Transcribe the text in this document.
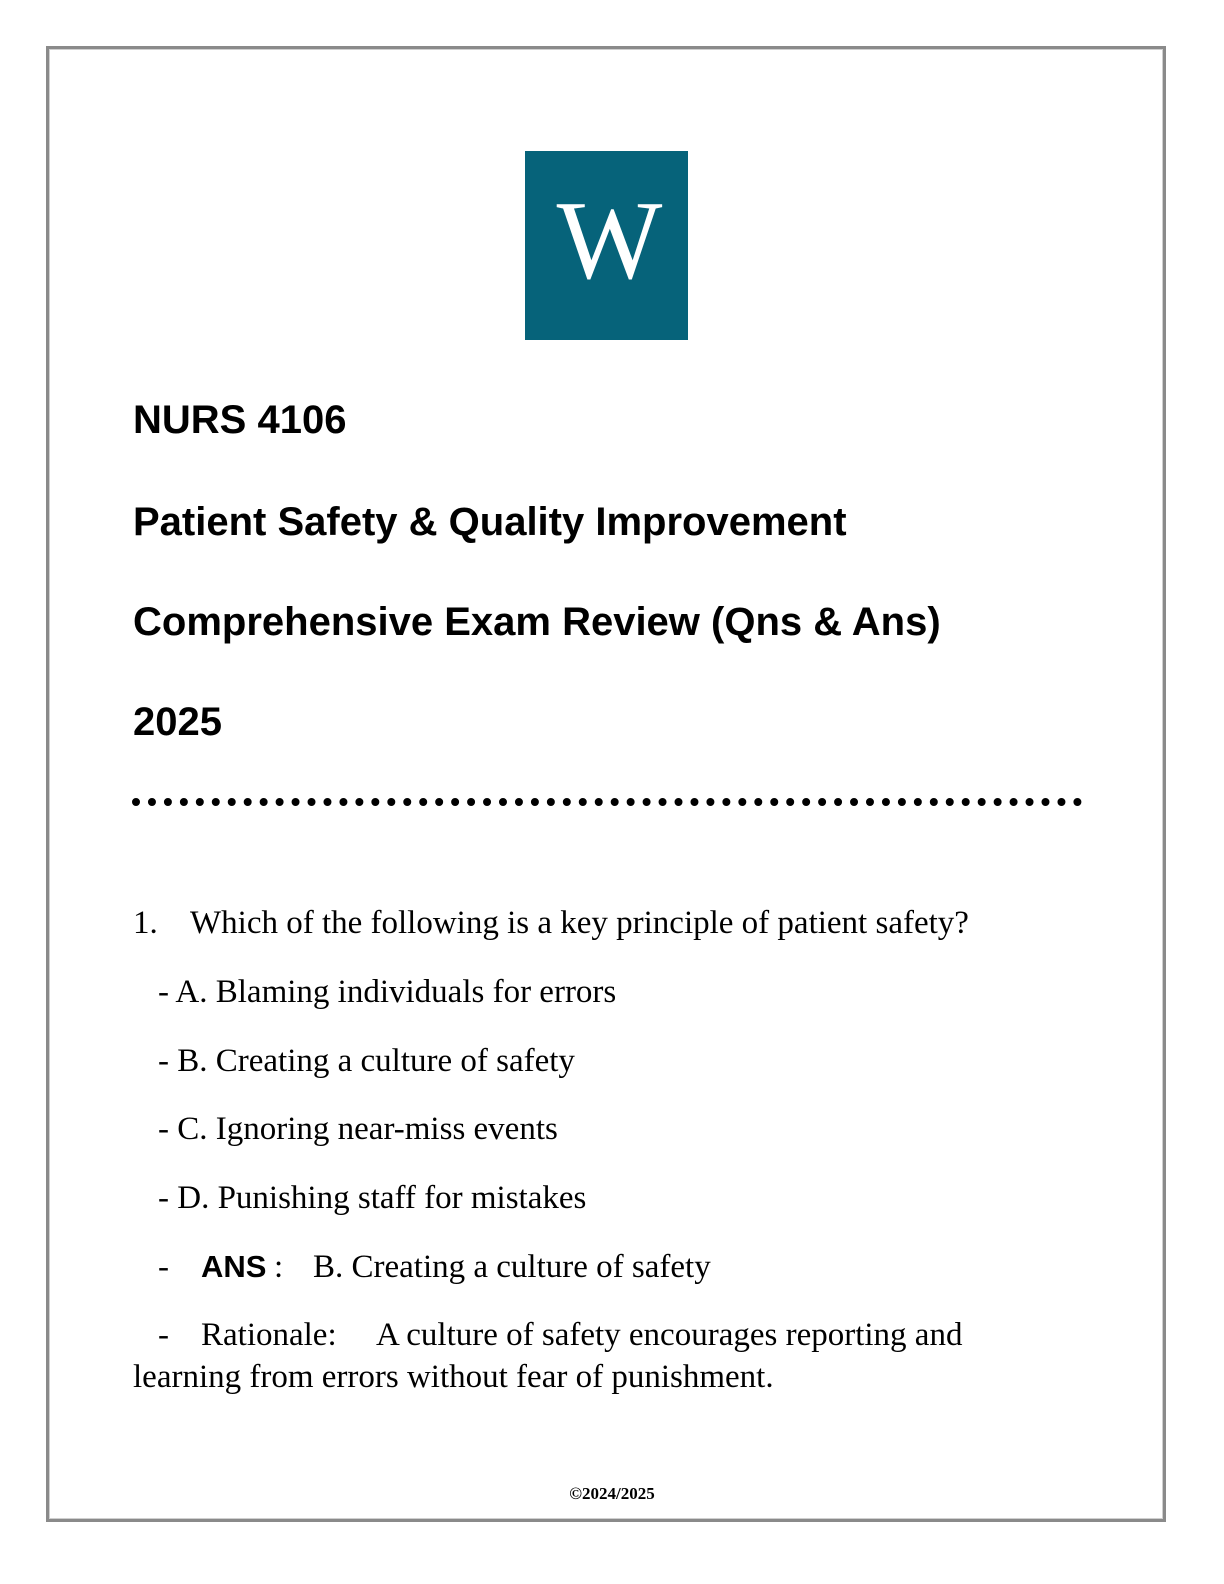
W
NURS 4106
Patient Safety & Quality Improvement
Comprehensive Exam Review (Qns & Ans)
2025
1. Which of the following is a key principle of patient safety?
- A. Blaming individuals for errors
- B. Creating a culture of safety
- C. Ignoring near-miss events
- D. Punishing staff for mistakes
- ANS : B. Creating a culture of safety
- Rationale: A culture of safety encourages reporting and
learning from errors without fear of punishment.
©2024/2025
